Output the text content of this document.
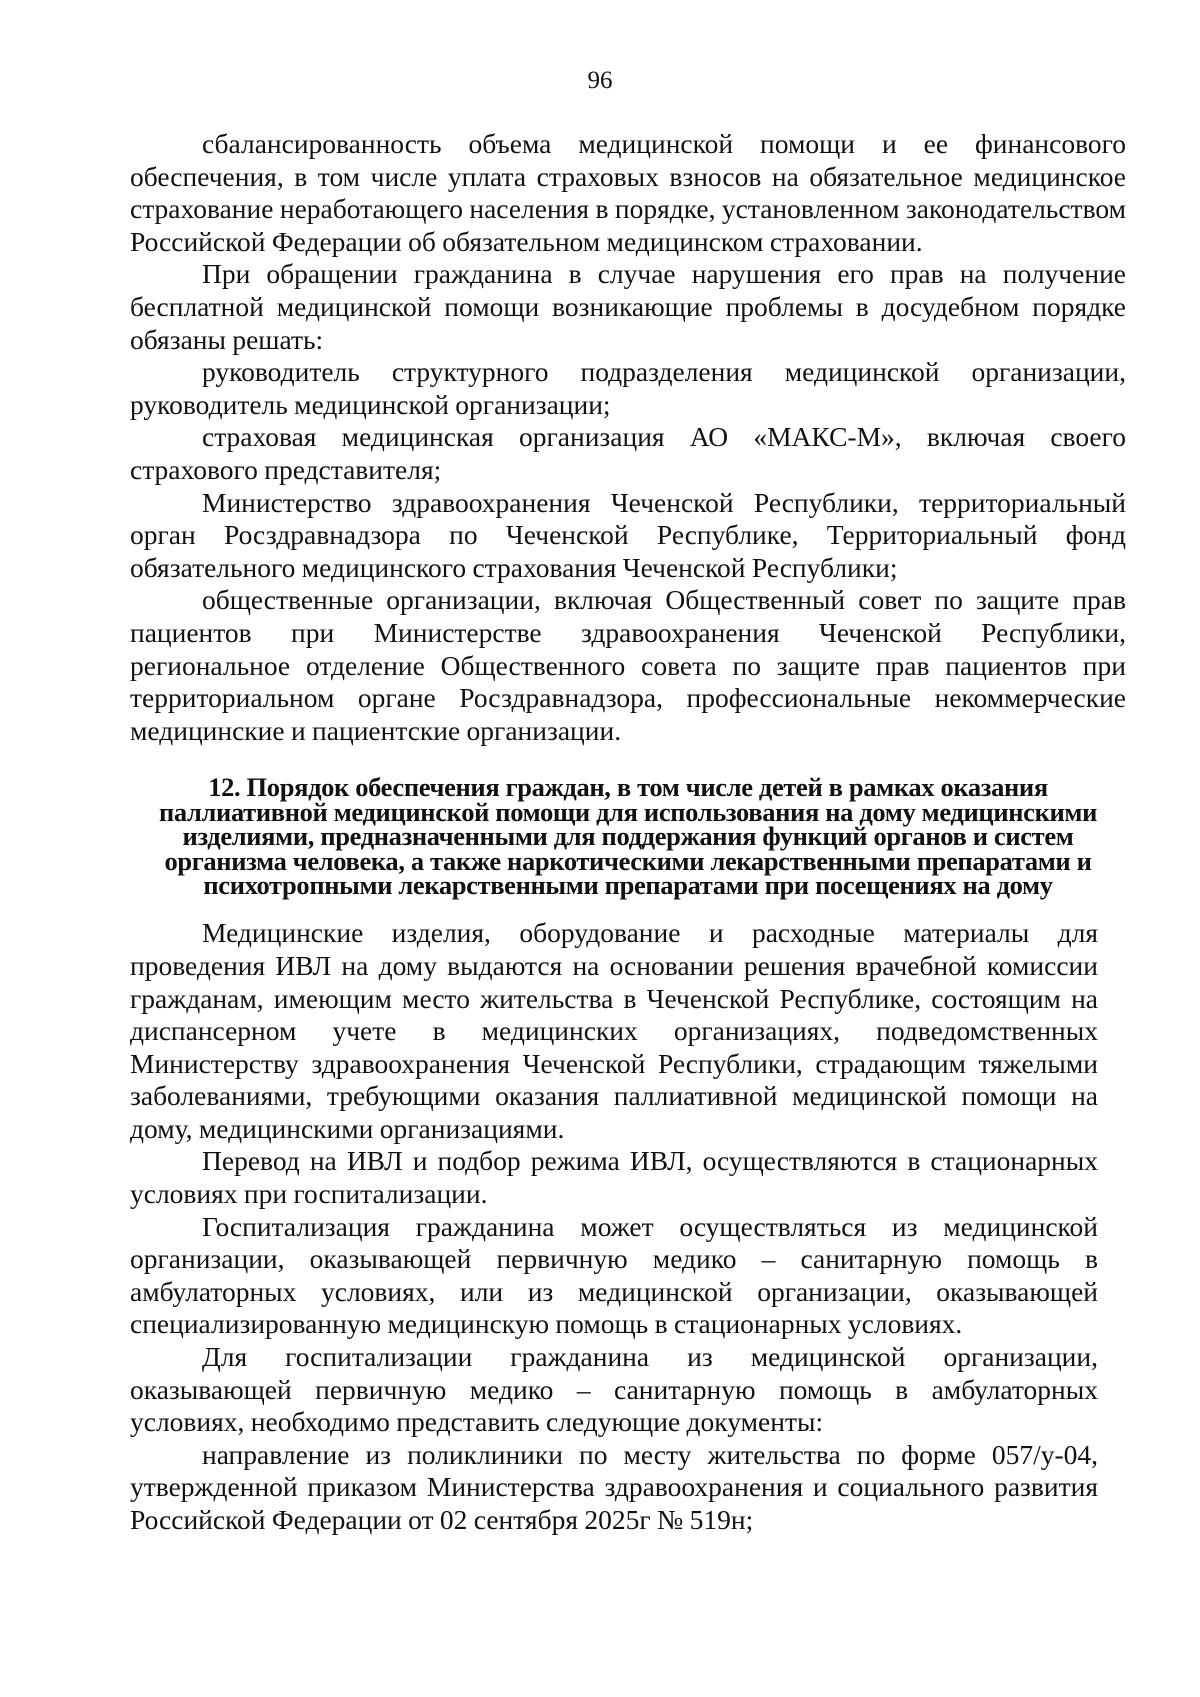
96

сбалансированность объема медицинской помощи и ее финансового обеспечения, в том числе уплата страховых взносов на обязательное медицинское страхование неработающего населения в порядке, установленном законодательством Российской Федерации об обязательном медицинском страховании.

При обращении гражданина в случае нарушения его прав на получение бесплатной медицинской помощи возникающие проблемы в досудебном порядке обязаны решать:

руководитель структурного подразделения медицинской организации, руководитель медицинской организации;

страховая медицинская организация АО «МАКС-М», включая своего страхового представителя;

Министерство здравоохранения Чеченской Республики, территориальный орган Росздравнадзора по Чеченской Республике, Территориальный фонд обязательного медицинского страхования Чеченской Республики;

общественные организации, включая Общественный совет по защите прав пациентов при Министерстве здравоохранения Чеченской Республики, региональное отделение Общественного совета по защите прав пациентов при территориальном органе Росздравнадзора, профессиональные некоммерческие медицинские и пациентские организации.

12. Порядок обеспечения граждан, в том числе детей в рамках оказания паллиативной медицинской помощи для использования на дому медицинскими изделиями, предназначенными для поддержания функций органов и систем организма человека, а также наркотическими лекарственными препаратами и психотропными лекарственными препаратами при посещениях на дому

Медицинские изделия, оборудование и расходные материалы для проведения ИВЛ на дому выдаются на основании решения врачебной комиссии гражданам, имеющим место жительства в Чеченской Республике, состоящим на диспансерном учете в медицинских организациях, подведомственных Министерству здравоохранения Чеченской Республики, страдающим тяжелыми заболеваниями, требующими оказания паллиативной медицинской помощи на дому, медицинскими организациями.

Перевод на ИВЛ и подбор режима ИВЛ, осуществляются в стационарных условиях при госпитализации.

Госпитализация гражданина может осуществляться из медицинской организации, оказывающей первичную медико – санитарную помощь в амбулаторных условиях, или из медицинской организации, оказывающей специализированную медицинскую помощь в стационарных условиях.

Для госпитализации гражданина из медицинской организации, оказывающей первичную медико – санитарную помощь в амбулаторных условиях, необходимо представить следующие документы:

направление из поликлиники по месту жительства по форме 057/у-04, утвержденной приказом Министерства здравоохранения и социального развития Российской Федерации от 02 сентября 2025г № 519н;
